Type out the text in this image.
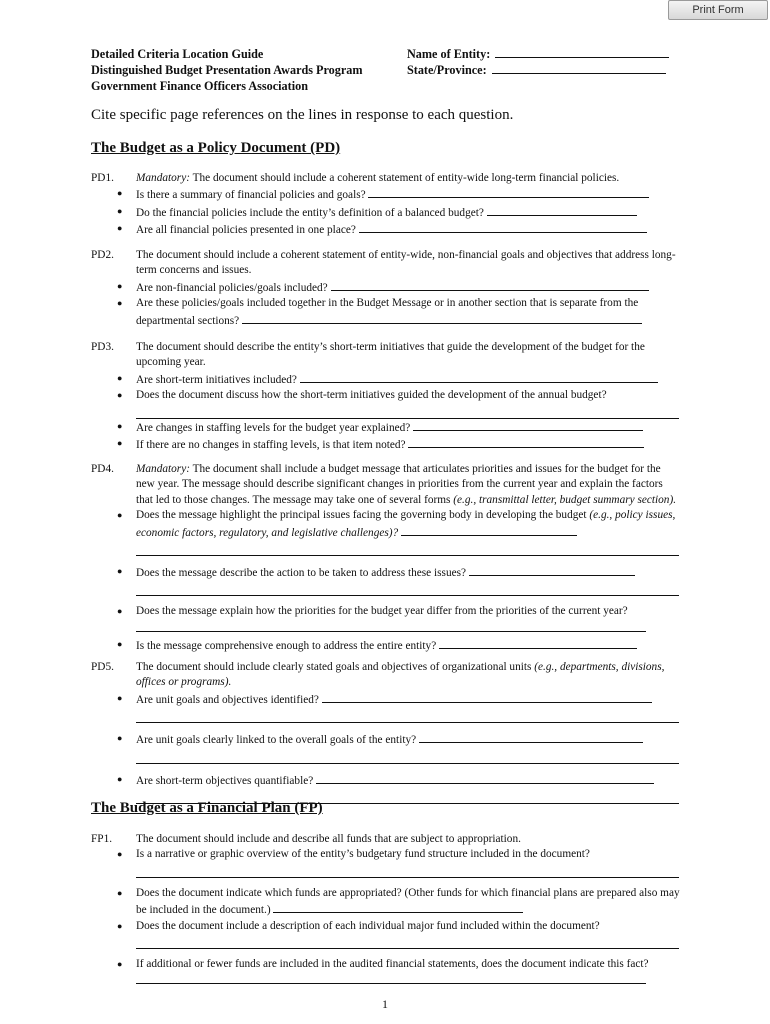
Print Form
Detailed Criteria Location Guide
Distinguished Budget Presentation Awards Program
Government Finance Officers Association
Name of Entity:
State/Province:
Cite specific page references on the lines in response to each question.
The Budget as a Policy Document (PD)
PD1. Mandatory: The document should include a coherent statement of entity-wide long-term financial policies.
● Is there a summary of financial policies and goals?
● Do the financial policies include the entity’s definition of a balanced budget?
● Are all financial policies presented in one place?
PD2. The document should include a coherent statement of entity-wide, non-financial goals and objectives that address long-term concerns and issues.
● Are non-financial policies/goals included?
● Are these policies/goals included together in the Budget Message or in another section that is separate from the departmental sections?
PD3. The document should describe the entity’s short-term initiatives that guide the development of the budget for the upcoming year.
● Are short-term initiatives included?
● Does the document discuss how the short-term initiatives guided the development of the annual budget?
● Are changes in staffing levels for the budget year explained?
● If there are no changes in staffing levels, is that item noted?
PD4. Mandatory: The document shall include a budget message that articulates priorities and issues for the budget for the new year. The message should describe significant changes in priorities from the current year and explain the factors that led to those changes. The message may take one of several forms (e.g., transmittal letter, budget summary section).
● Does the message highlight the principal issues facing the governing body in developing the budget (e.g., policy issues, economic factors, regulatory, and legislative challenges)?
● Does the message describe the action to be taken to address these issues?
● Does the message explain how the priorities for the budget year differ from the priorities of the current year?
● Is the message comprehensive enough to address the entire entity?
PD5. The document should include clearly stated goals and objectives of organizational units (e.g., departments, divisions, offices or programs).
● Are unit goals and objectives identified?
● Are unit goals clearly linked to the overall goals of the entity?
● Are short-term objectives quantifiable?
The Budget as a Financial Plan (FP)
FP1. The document should include and describe all funds that are subject to appropriation.
● Is a narrative or graphic overview of the entity’s budgetary fund structure included in the document?
● Does the document indicate which funds are appropriated? (Other funds for which financial plans are prepared also may be included in the document.)
● Does the document include a description of each individual major fund included within the document?
● If additional or fewer funds are included in the audited financial statements, does the document indicate this fact?
1
